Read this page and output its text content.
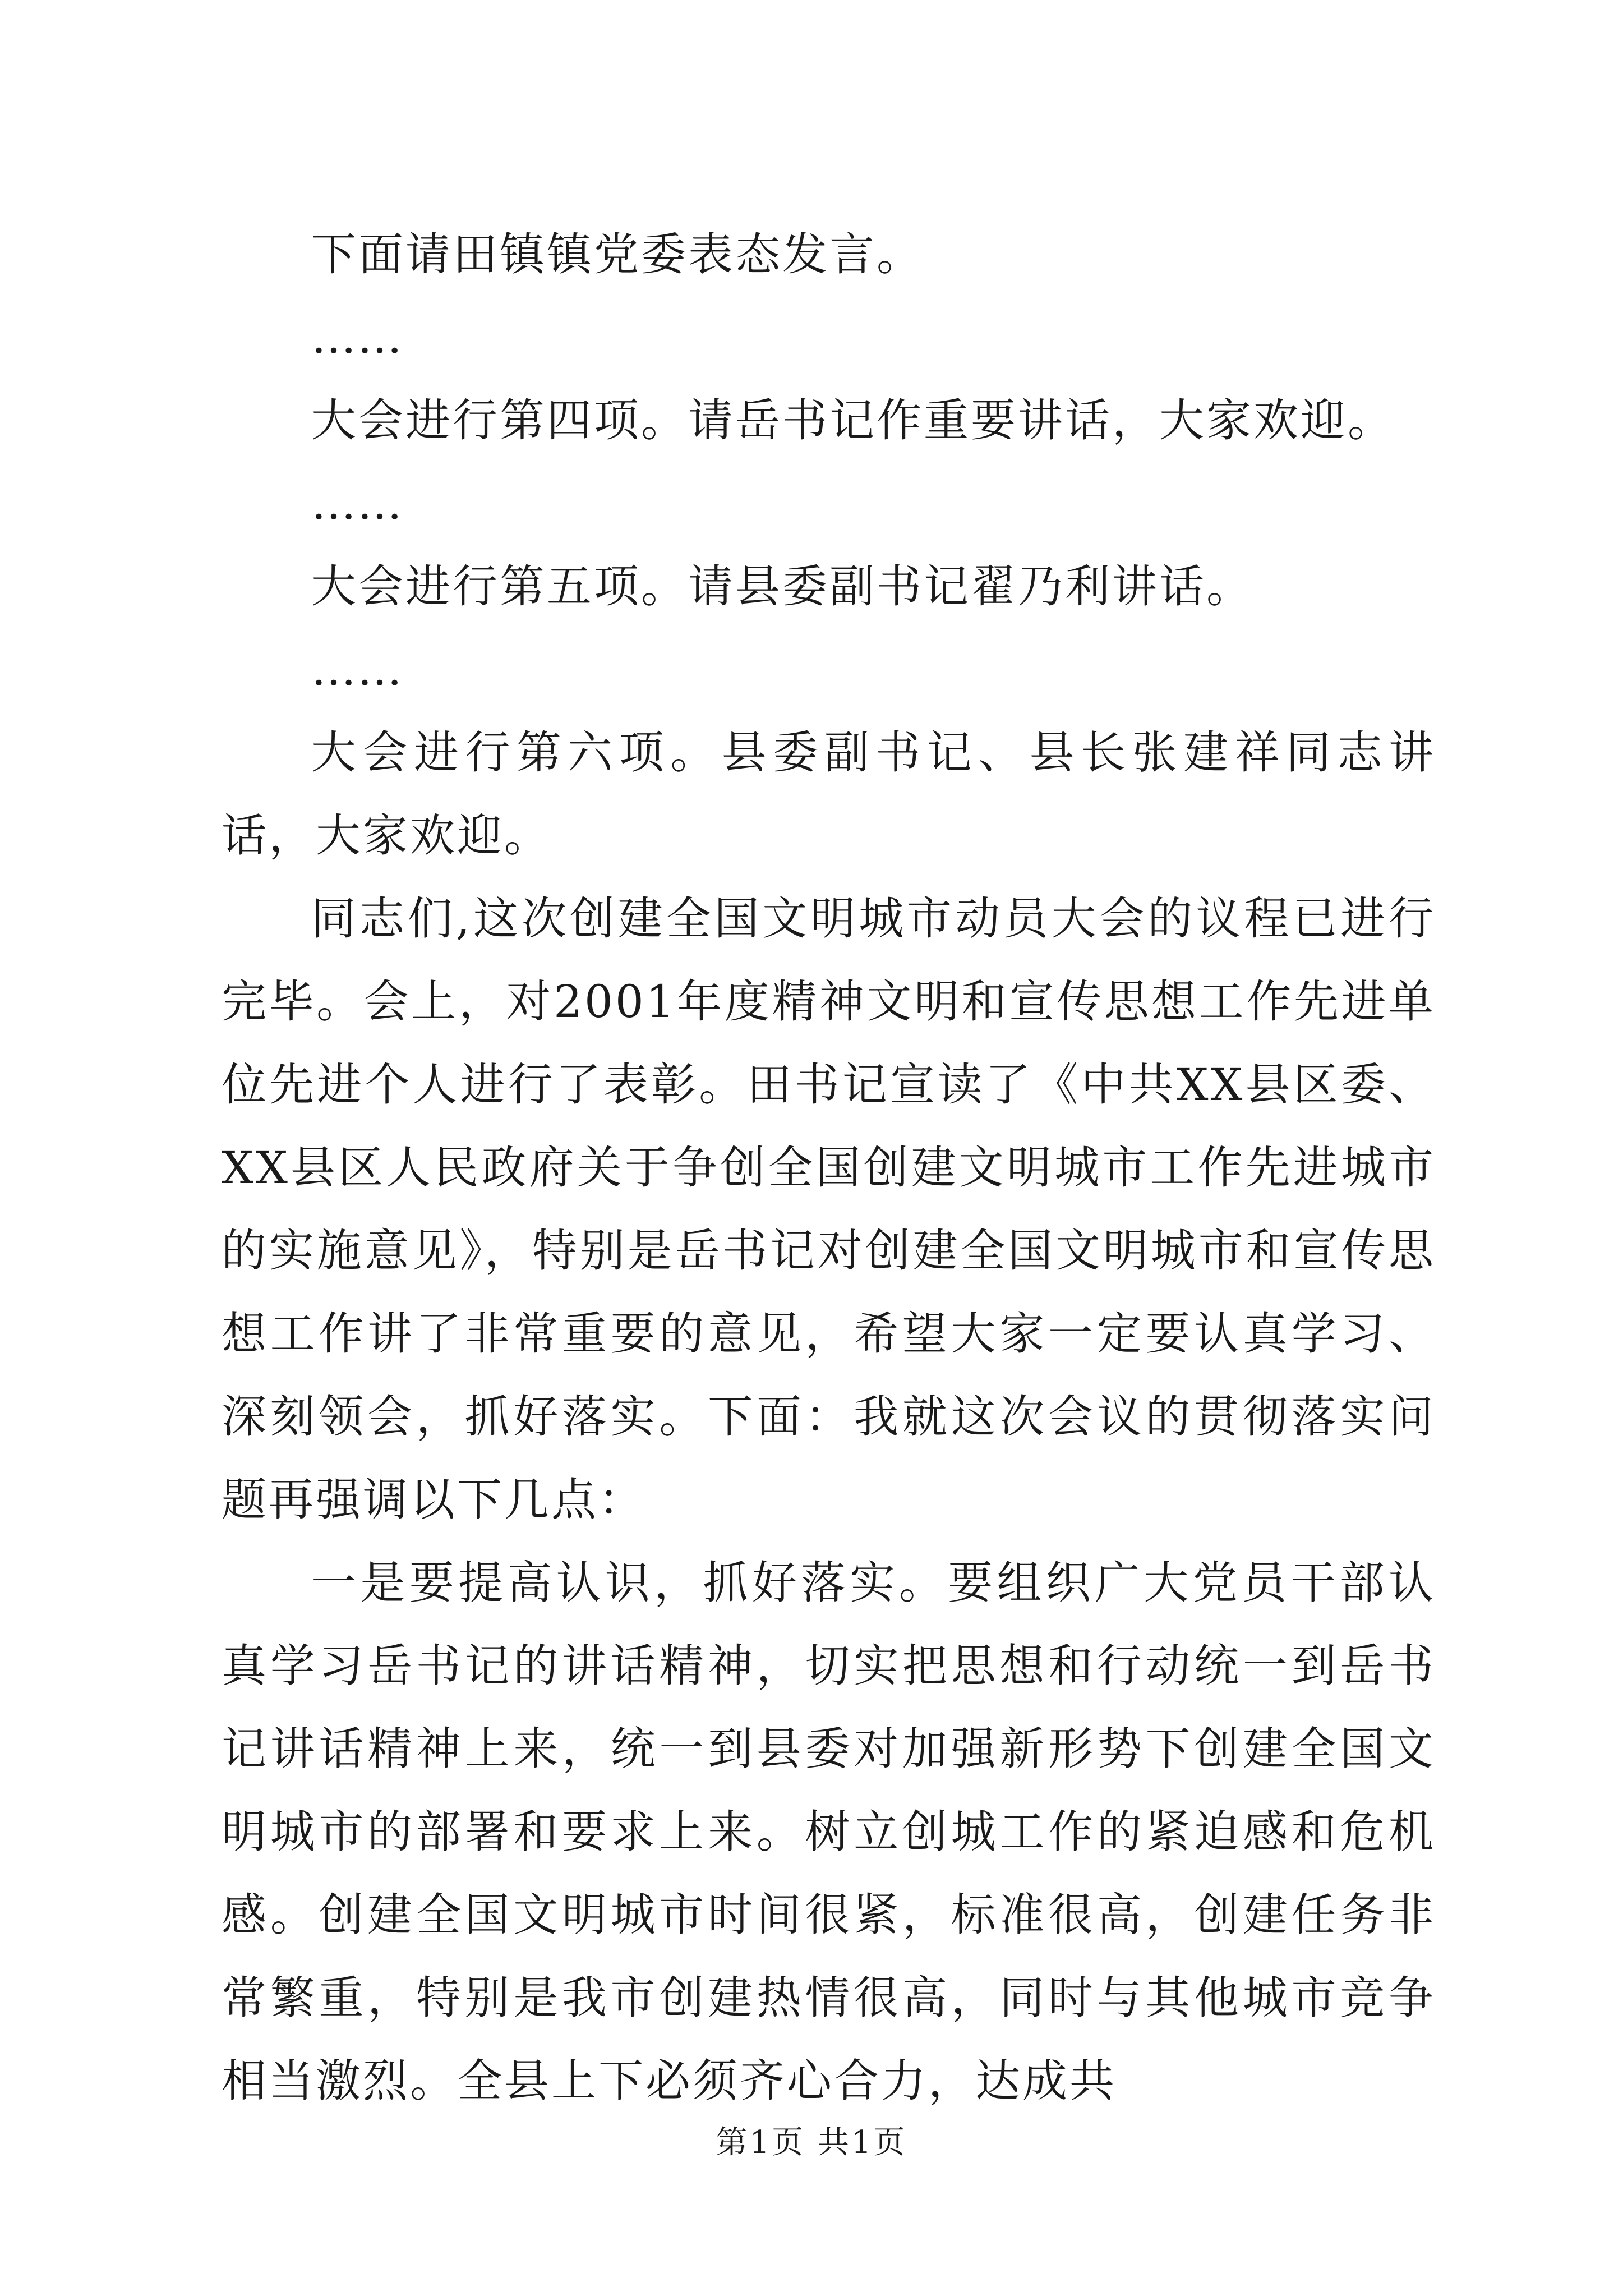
下面请田镇镇党委表态发言。

……

大会进行第四项。请岳书记作重要讲话，大家欢迎。

……

大会进行第五项。请县委副书记翟乃利讲话。

……

大会进行第六项。县委副书记、县长张建祥同志讲话，大家欢迎。

同志们,这次创建全国文明城市动员大会的议程已进行完毕。会上，对2001年度精神文明和宣传思想工作先进单位先进个人进行了表彰。田书记宣读了《中共XX县区委、XX县区人民政府关于争创全国创建文明城市工作先进城市的实施意见》，特别是岳书记对创建全国文明城市和宣传思想工作讲了非常重要的意见，希望大家一定要认真学习、深刻领会，抓好落实。下面：我就这次会议的贯彻落实问题再强调以下几点：

一是要提高认识，抓好落实。要组织广大党员干部认真学习岳书记的讲话精神，切实把思想和行动统一到岳书记讲话精神上来，统一到县委对加强新形势下创建全国文明城市的部署和要求上来。树立创城工作的紧迫感和危机感。创建全国文明城市时间很紧，标准很高，创建任务非常繁重，特别是我市创建热情很高，同时与其他城市竞争相当激烈。全县上下必须齐心合力，达成共

第1页 共1页
